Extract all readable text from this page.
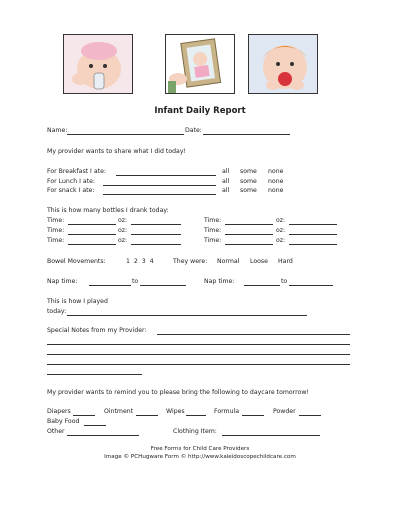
Infant Daily Report
Name:	Date:
My provider wants to share what I did today!
For Breakfast I ate:	all some none
For Lunch I ate:	all some none
For snack I ate:	all some none
This is how many bottles I drank today:
Time:	oz:	Time:	oz:
Time:	oz:	Time:	oz:
Time:	oz:	Time:	oz:
Bowel Movements:	1 2 3 4	They were: Normal Loose Hard
Nap time:	to	Nap time:	to
This is how I played
today:
Special Notes from my Provider:
My provider wants to remind you to please bring the following to daycare tomorrow!
Diapers	Ointment	Wipes	Formula	Powder
Baby Food
Other	Clothing Item:
Free Forms for Child Care Providers
Image © PCHugware Form © http://www.kaleidoscopechildcare.com
